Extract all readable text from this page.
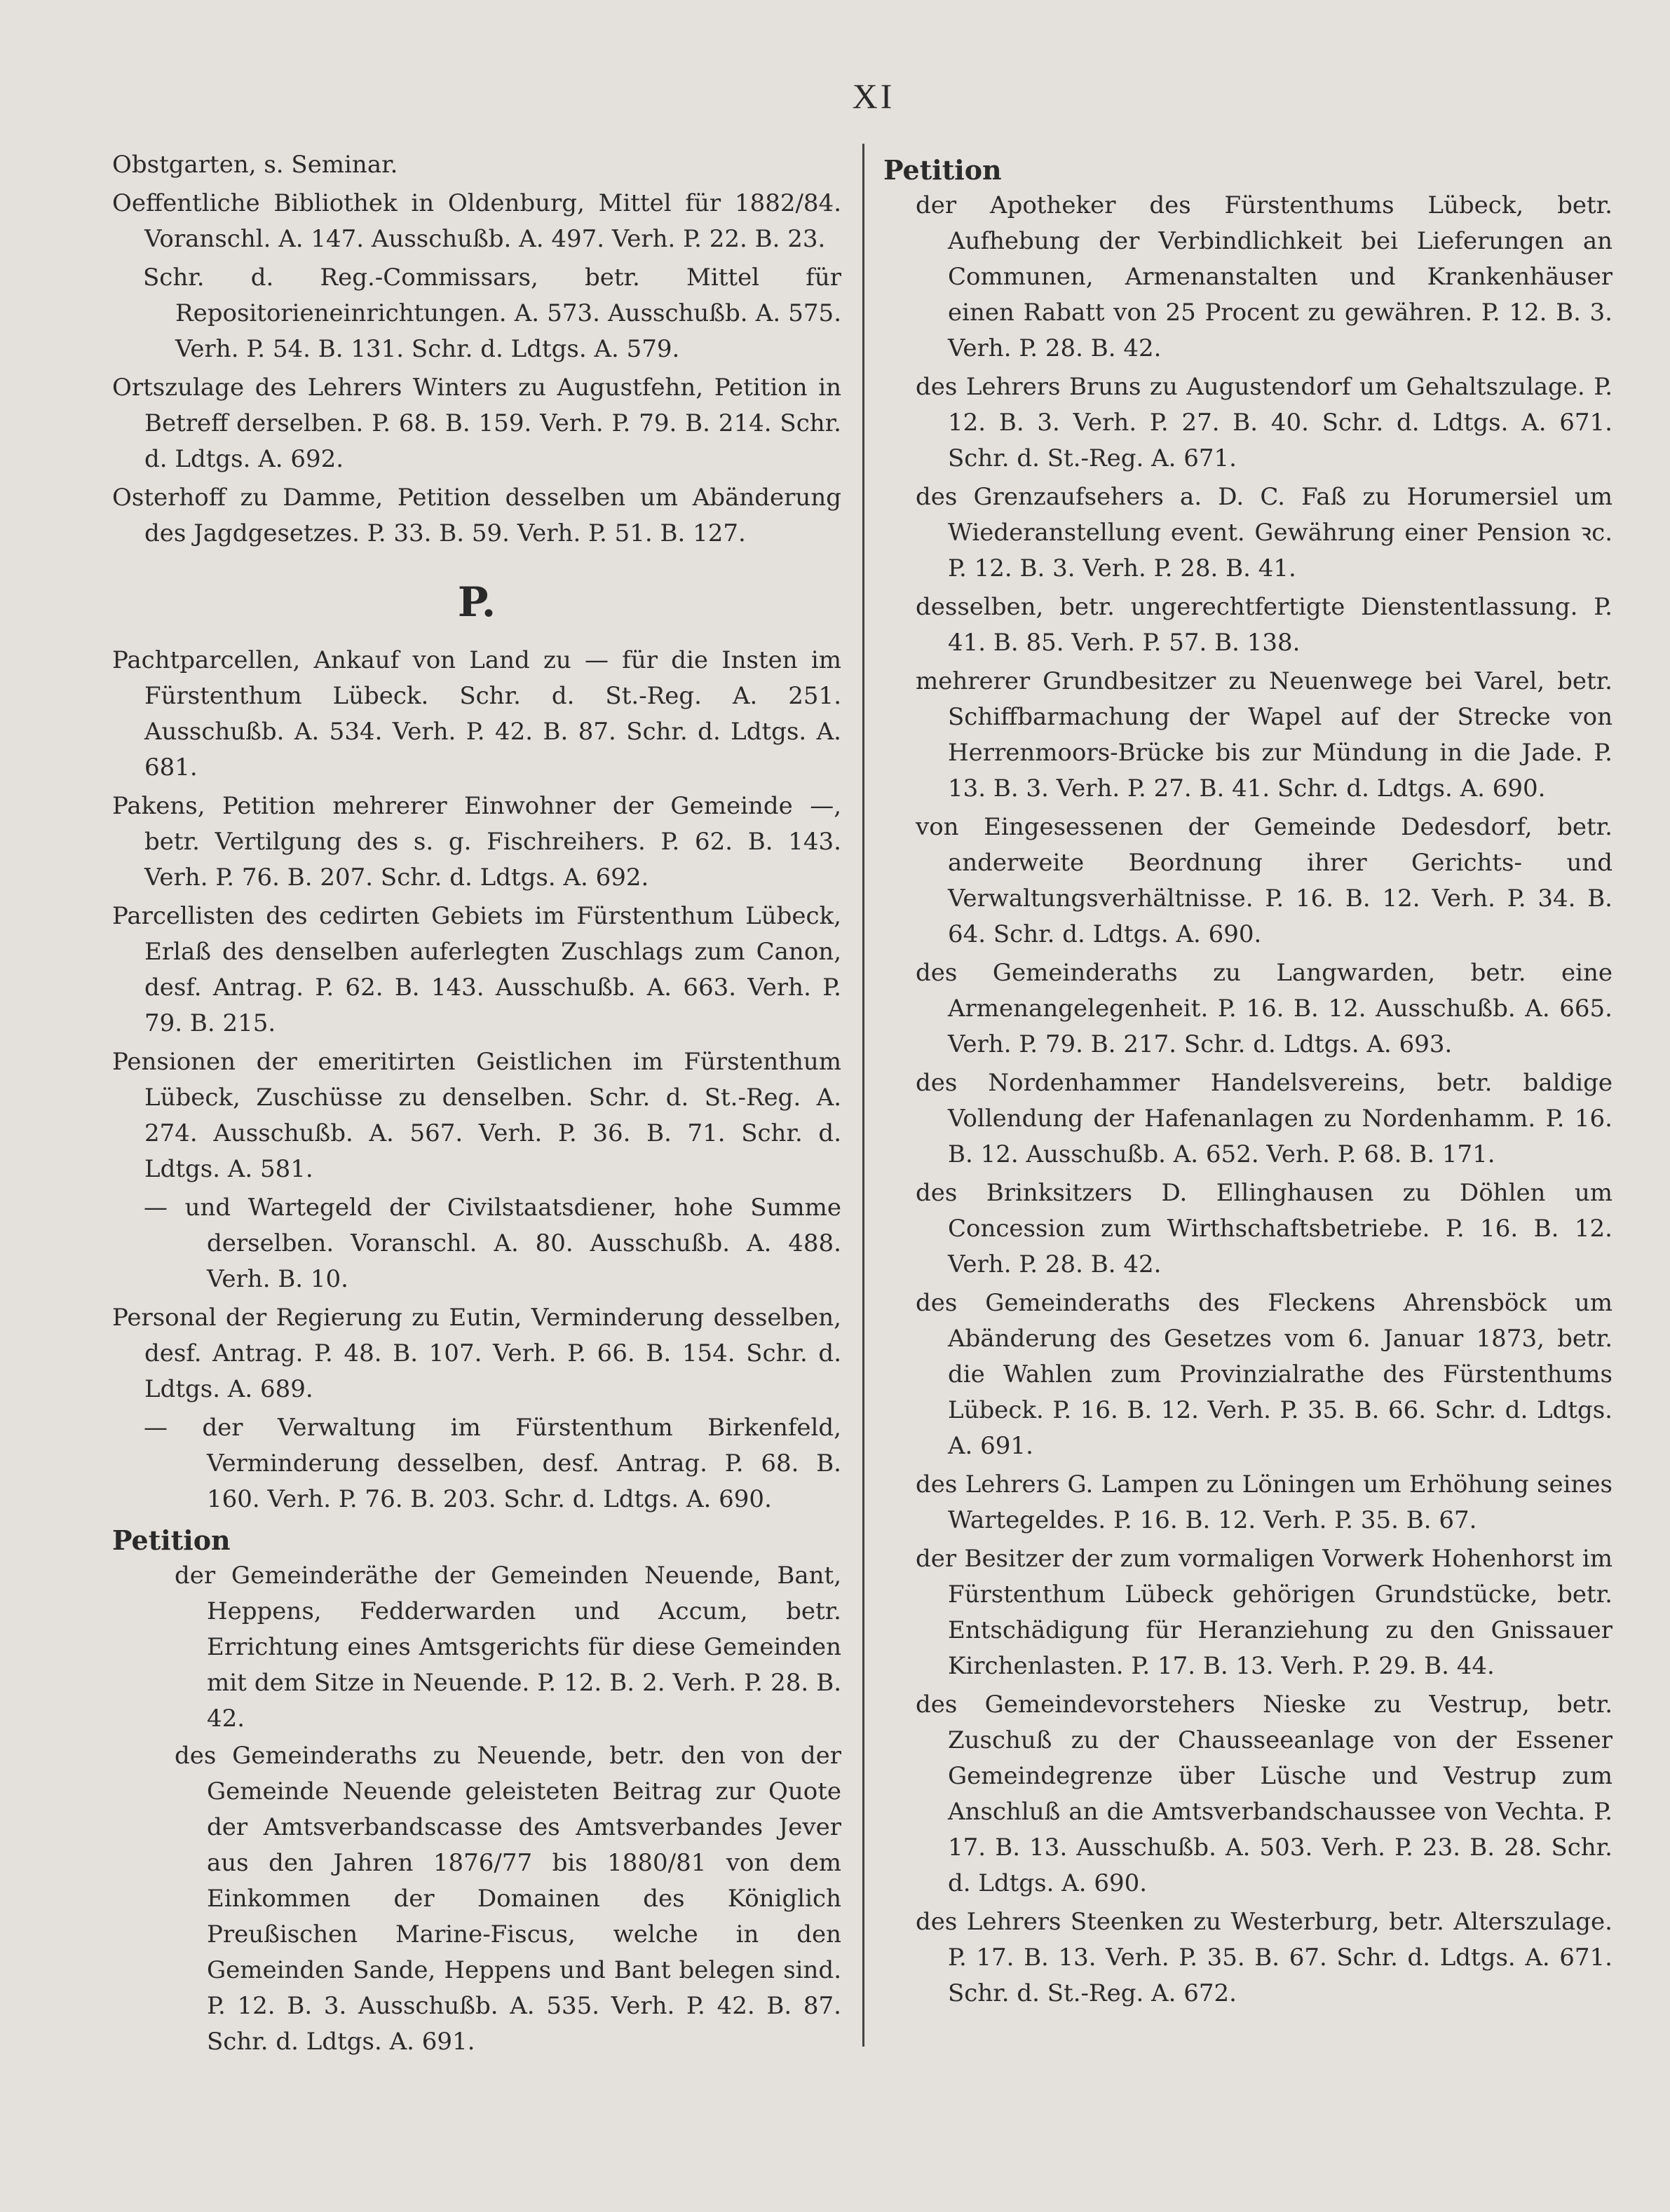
XI

Obstgarten, s. Seminar.

Oeffentliche Bibliothek in Oldenburg, Mittel für 1882/84. Voranschl. A. 147. Ausschußb. A. 497. Verh. P. 22. B. 23.

Schr. d. Reg.-Commissars, betr. Mittel für Repositorieneinrichtungen. A. 573. Ausschußb. A. 575. Verh. P. 54. B. 131. Schr. d. Ldtgs. A. 579.

Ortszulage des Lehrers Winters zu Augustfehn, Petition in Betreff derselben. P. 68. B. 159. Verh. P. 79. B. 214. Schr. d. Ldtgs. A. 692.

Osterhoff zu Damme, Petition desselben um Abänderung des Jagdgesetzes. P. 33. B. 59. Verh. P. 51. B. 127.

P.

Pachtparcellen, Ankauf von Land zu — für die Insten im Fürstenthum Lübeck. Schr. d. St.-Reg. A. 251. Ausschußb. A. 534. Verh. P. 42. B. 87. Schr. d. Ldtgs. A. 681.

Pakens, Petition mehrerer Einwohner der Gemeinde —, betr. Vertilgung des s. g. Fischreihers. P. 62. B. 143. Verh. P. 76. B. 207. Schr. d. Ldtgs. A. 692.

Parcellisten des cedirten Gebiets im Fürstenthum Lübeck, Erlaß des denselben auferlegten Zuschlags zum Canon, desf. Antrag. P. 62. B. 143. Ausschußb. A. 663. Verh. P. 79. B. 215.

Pensionen der emeritirten Geistlichen im Fürstenthum Lübeck, Zuschüsse zu denselben. Schr. d. St.-Reg. A. 274. Ausschußb. A. 567. Verh. P. 36. B. 71. Schr. d. Ldtgs. A. 581.

— und Wartegeld der Civilstaatsdiener, hohe Summe derselben. Voranschl. A. 80. Ausschußb. A. 488. Verh. B. 10.

Personal der Regierung zu Eutin, Verminderung desselben, desf. Antrag. P. 48. B. 107. Verh. P. 66. B. 154. Schr. d. Ldtgs. A. 689.

— der Verwaltung im Fürstenthum Birkenfeld, Verminderung desselben, desf. Antrag. P. 68. B. 160. Verh. P. 76. B. 203. Schr. d. Ldtgs. A. 690.

Petition

der Gemeinderäthe der Gemeinden Neuende, Bant, Heppens, Fedderwarden und Accum, betr. Errichtung eines Amtsgerichts für diese Gemeinden mit dem Sitze in Neuende. P. 12. B. 2. Verh. P. 28. B. 42.

des Gemeinderaths zu Neuende, betr. den von der Gemeinde Neuende geleisteten Beitrag zur Quote der Amtsverbandscasse des Amtsverbandes Jever aus den Jahren 1876/77 bis 1880/81 von dem Einkommen der Domainen des Königlich Preußischen Marine-Fiscus, welche in den Gemeinden Sande, Heppens und Bant belegen sind. P. 12. B. 3. Ausschußb. A. 535. Verh. P. 42. B. 87. Schr. d. Ldtgs. A. 691.

Petition

der Apotheker des Fürstenthums Lübeck, betr. Aufhebung der Verbindlichkeit bei Lieferungen an Communen, Armenanstalten und Krankenhäuser einen Rabatt von 25 Procent zu gewähren. P. 12. B. 3. Verh. P. 28. B. 42.

des Lehrers Bruns zu Augustendorf um Gehaltszulage. P. 12. B. 3. Verh. P. 27. B. 40. Schr. d. Ldtgs. A. 671. Schr. d. St.-Reg. A. 671.

des Grenzaufsehers a. D. C. Faß zu Horumersiel um Wiederanstellung event. Gewährung einer Pension ꝛc. P. 12. B. 3. Verh. P. 28. B. 41.

desselben, betr. ungerechtfertigte Dienstentlassung. P. 41. B. 85. Verh. P. 57. B. 138.

mehrerer Grundbesitzer zu Neuenwege bei Varel, betr. Schiffbarmachung der Wapel auf der Strecke von Herrenmoors-Brücke bis zur Mündung in die Jade. P. 13. B. 3. Verh. P. 27. B. 41. Schr. d. Ldtgs. A. 690.

von Eingesessenen der Gemeinde Dedesdorf, betr. anderweite Beordnung ihrer Gerichts- und Verwaltungsverhältnisse. P. 16. B. 12. Verh. P. 34. B. 64. Schr. d. Ldtgs. A. 690.

des Gemeinderaths zu Langwarden, betr. eine Armenangelegenheit. P. 16. B. 12. Ausschußb. A. 665. Verh. P. 79. B. 217. Schr. d. Ldtgs. A. 693.

des Nordenhammer Handelsvereins, betr. baldige Vollendung der Hafenanlagen zu Nordenhamm. P. 16. B. 12. Ausschußb. A. 652. Verh. P. 68. B. 171.

des Brinksitzers D. Ellinghausen zu Döhlen um Concession zum Wirthschaftsbetriebe. P. 16. B. 12. Verh. P. 28. B. 42.

des Gemeinderaths des Fleckens Ahrensböck um Abänderung des Gesetzes vom 6. Januar 1873, betr. die Wahlen zum Provinzialrathe des Fürstenthums Lübeck. P. 16. B. 12. Verh. P. 35. B. 66. Schr. d. Ldtgs. A. 691.

des Lehrers G. Lampen zu Löningen um Erhöhung seines Wartegeldes. P. 16. B. 12. Verh. P. 35. B. 67.

der Besitzer der zum vormaligen Vorwerk Hohenhorst im Fürstenthum Lübeck gehörigen Grundstücke, betr. Entschädigung für Heranziehung zu den Gnissauer Kirchenlasten. P. 17. B. 13. Verh. P. 29. B. 44.

des Gemeindevorstehers Nieske zu Vestrup, betr. Zuschuß zu der Chausseeanlage von der Essener Gemeindegrenze über Lüsche und Vestrup zum Anschluß an die Amtsverbandschaussee von Vechta. P. 17. B. 13. Ausschußb. A. 503. Verh. P. 23. B. 28. Schr. d. Ldtgs. A. 690.

des Lehrers Steenken zu Westerburg, betr. Alterszulage. P. 17. B. 13. Verh. P. 35. B. 67. Schr. d. Ldtgs. A. 671. Schr. d. St.-Reg. A. 672.
